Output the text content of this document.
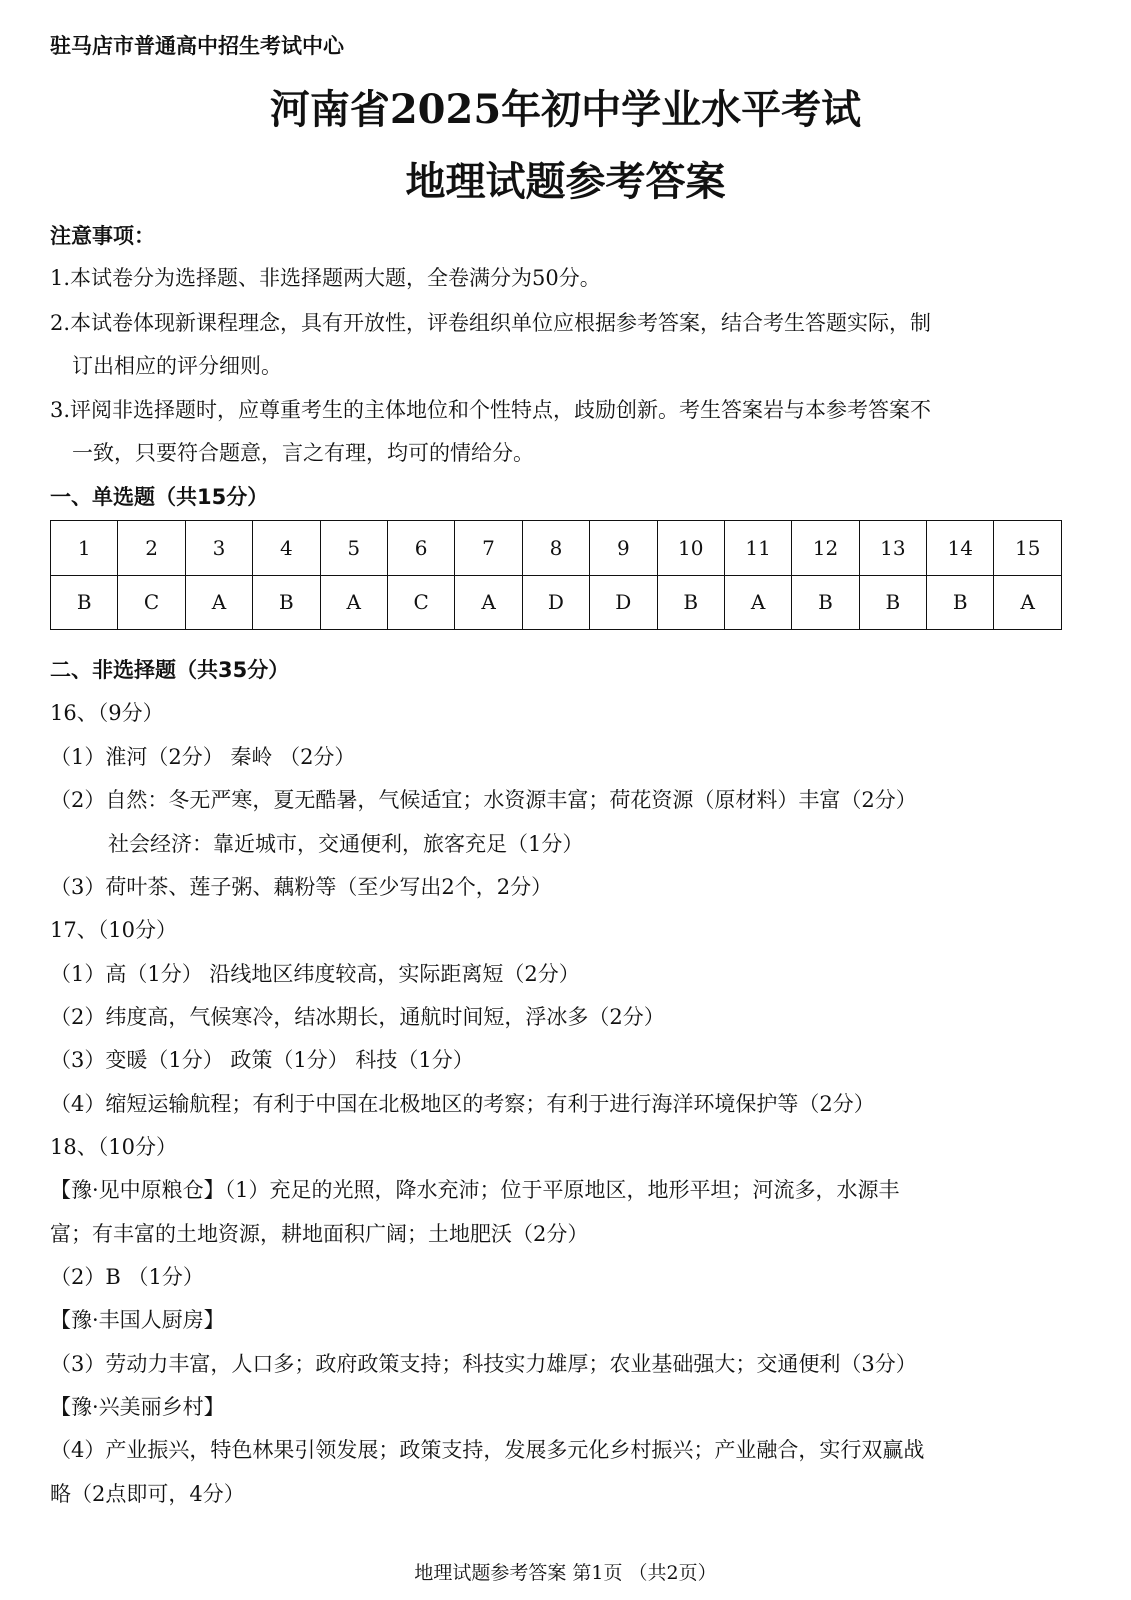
驻马店市普通高中招生考试中心
河南省2025年初中学业水平考试
地理试题参考答案
注意事项：
1.本试卷分为选择题、非选择题两大题，全卷满分为50分。
2.本试卷体现新课程理念，具有开放性，评卷组织单位应根据参考答案，结合考生答题实际，制
订出相应的评分细则。
3.评阅非选择题时，应尊重考生的主体地位和个性特点，歧励创新。考生答案岩与本参考答案不
一致，只要符合题意，言之有理，均可的情给分。
一、单选题（共15分）
1	2	3	4	5	6	7	8	9	10	11	12	13	14	15
B	C	A	B	A	C	A	D	D	B	A	B	B	B	A
二、非选择题（共35分）
16、（9分）
（1）淮河（2分） 秦岭 （2分）
（2）自然：冬无严寒，夏无酷暑，气候适宜；水资源丰富；荷花资源（原材料）丰富（2分）
社会经济：靠近城市，交通便利，旅客充足（1分）
（3）荷叶茶、莲子粥、藕粉等（至少写出2个，2分）
17、（10分）
（1）高（1分） 沿线地区纬度较高，实际距离短（2分）
（2）纬度高，气候寒冷，结冰期长，通航时间短，浮冰多（2分）
（3）变暖（1分） 政策（1分） 科技（1分）
（4）缩短运输航程；有利于中国在北极地区的考察；有利于进行海洋环境保护等（2分）
18、（10分）
【豫·见中原粮仓】（1）充足的光照，降水充沛；位于平原地区，地形平坦；河流多，水源丰
富；有丰富的土地资源，耕地面积广阔；土地肥沃（2分）
（2）B （1分）
【豫·丰国人厨房】
（3）劳动力丰富，人口多；政府政策支持；科技实力雄厚；农业基础强大；交通便利（3分）
【豫·兴美丽乡村】
（4）产业振兴，特色林果引领发展；政策支持，发展多元化乡村振兴；产业融合，实行双赢战
略（2点即可，4分）
地理试题参考答案 第1页 （共2页）
